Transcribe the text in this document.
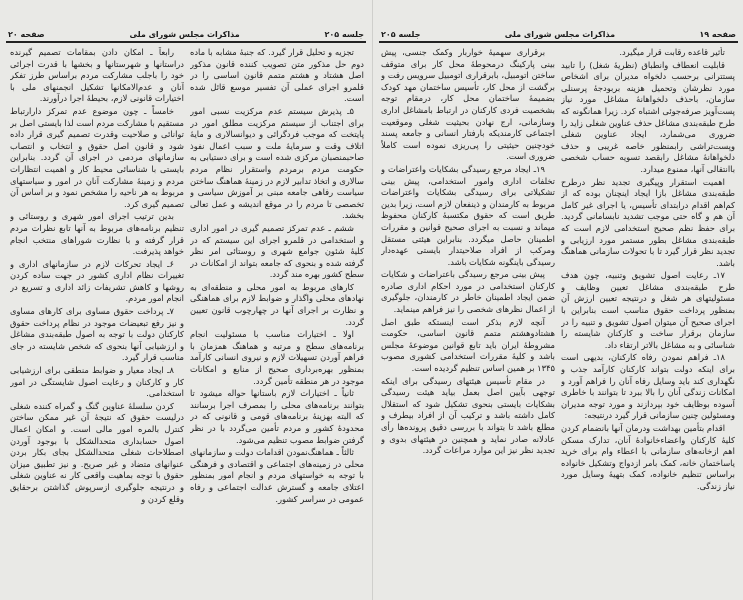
صفحه ۲۰	مذاکرات مجلس شورای ملی	جلسه ۲۰۵

تجزیه و تحلیل قرار گیرد. که جنبۀ مشابه با ماده دوم حل مذکور متن تصویب کننده قانون مذکور اصل هشتاد و هشتم متمم قانون اساسی را در قلمرو اجرای عملی آن تفسیر موسع قائل شده است.

۵ـ پذیرش سیستم عدم مرکزیت نسبی امور برای اجتناب از سیستم مرکزیت مطلق امور در پایتخت که موجب فردگرائی و دیوانسالاری و مایۀ اتلاف وقت و سرمایۀ ملت و سبب اعمال نفوذ صاحبمنصبان مرکزی شده است و برای دستیابی به حکومت مردم برمردم واستقرار نظام مردم سالاری و اتخاذ تدابیر لازم در زمینۀ هماهنگ ساختن سیاست رفاهی جامعه مبنی بر آموزش سیاسی و تخصصی تا مردم را در موقع اندیشه و عمل تعالی بخشد.

ششم ـ عدم تمرکز تصمیم گیری در امور اداری و استخدامی در قلمرو اجرای این سیستم که در کلیۀ شئون جوامع شهری و روستائی امر نظر گرفته شده و بنحوی که جامعه بتواند از امکانات در سطح کشور بهره مند گردد.

کارهای مربوط به امور محلی و منطقه‌ای به نهادهای محلی واگذار و ضوابط لازم برای هماهنگی و نظارت بر اجرای آنها در چهارچوب قانون تعیین گردد.

اولا ـ اختیارات مناسب با مسئولیت انجام برنامه‌های سطح و مرتبه و هماهنگ همزمان با فراهم آوردن تسهیلات لازم و نیروی انسانی کارآمد بمنظور بهره‌برداری صحیح از منابع و امکانات موجود در هر منطقه تأمین گردد.

ثانیاً ـ اختیارات لازم باستانها حواله میشود تا بتوانند برنامه‌های محلی را بمصرف اجرا برسانند که البته بهزینۀ برنامه‌های قومی و قانونی که در محدودۀ کشور و مردم تأمین می‌گردد با در نظر گرفتن ضوابط مصوب تنظیم می‌شود.

ثالثاً ـ هماهنگ‌نمودن اقدامات دولت و سازمانهای محلی در زمینه‌های اجتماعی و اقتصادی و فرهنگی با توجه به خواستهای مردم و انجام امور بمنظور اعتلای جامعه و گسترش عدالت اجتماعی و رفاه عمومی در سراسر کشور.

رابعاً ـ امکان دادن بمقامات تصمیم گیرنده دراستانها و شهرستانها و بخشها با قدرت اجرائی خود را باجلب مشارکت مردم براساس طرز تفکر آنان و عدم‌الامکانها تشکیل انجمنهای ملی با اختیارات قانونی لازم، بحیطۀ اجرا درآورند.

خامساً ـ چون موضوع عدم تمرکز دارارتباط مستقیم با مشارکت مردم است لذا بایستی اصل بر توانائی و صلاحیت وقدرت تصمیم گیری قرار داده شود و قانون اصل حقوق و انتخاب و انتصاب سازمانهای مردمی در اجرای آن گردد. بنابراین بایستی با شناسائی محیط کار و اهمیت انتظارات مردم و زمینۀ مشارکت آنان در امور و سیاستهای مربوط به هر ناحیه را مشخص نمود و بر اساس آن تصمیم گیری کرد.

بدین ترتیب اجرای امور شهری و روستائی و تنظیم برنامه‌های مربوط به آنها تابع نظرات مردم قرار گرفته و با نظارت شوراهای منتخب انجام خواهد پذیرفت.

۶ـ ایجاد تحرکات لازم در سازمانهای اداری و تغییرات نظام اداری کشور در جهت ساده کردن روشها و کاهش تشریفات زائد اداری و تسریع در انجام امور مردم.

۷ـ پرداخت حقوق مساوی برای کارهای مساوی و نیز رفع تبعیضات موجود در نظام پرداخت حقوق کارکنان دولت با توجه به اصول طبقه‌بندی مشاغل و ارزشیابی آنها بنحوی که شخص شایسته در جای مناسب قرار گیرد.

۸ـ ایجاد معیار و ضوابط منطقی برای ارزشیابی کار و کارکنان و رعایت اصول شایستگی در امور استخدامی.

کردن سلسلۀ عناوین گنگ و گمراه کننده شغلی درلیست حقوق که نتیجۀ آن غیر ممکن ساختن کنترل بالمره امور مالی است. و امکان اعمال اصول حسابداری متحدالشکل با بوجود آوردن اصطلاحات شغلی متحدالشکل بجای بکار بردن عنوانهای متضاد و غیر صریح. و نیز تطبیق میزان حقوق با توجه بماهیت واقعی کار نه عناوین شغلی و درنتیجه جلوگیری ازسرپوش گذاشتن برحقایق وقلع کردن و

جلسه ۲۰۵	مذاکرات مجلس شورای ملی	صفحه ۱۹

تأثیر قاعده رقابت قرار میگیرد.

قابلیت انعطاف وانطباق (نظریۀ شغل) را تابید پستترانی برحسب دلخواه مدیران برای اشخاص مورد نظرشان وتحمیل هزینه بربودجۀ پرسنلی سازمان، باحذف دلخواهانۀ مشاغل مورد نیاز پست‌آویز صرفه‌جوئی اشتباه کرد. زیرا همانگونه که طرح طبقه‌بندی مشاغل حذف عناوین شغلی زاید را ضروری می‌شمارد، ایجاد عناوین شغلی وپست‌تراشی رابمنظور خاصه غریبی و حذف دلخواهانۀ مشاغل رابقصد تسویه حساب شخصی باانتقالی آنها، ممنوع میدارد.

اهمیت استقرار وپیگیری تجدید نظر درطرح طبقه‌بندی مشاغل بازا ایجاد اینچنان بوده که از کم‌اهم اقدام درابتدای تأسیس، یا اجرای غیر کامل آن هم و گاه حتی موجب تشدید نابسامانی گردید. برای حفظ نظم صحیح استخدامی لازم است که طبقه‌بندی مشاغل بطور مستمر مورد ارزیابی و تجدید نظر قرار گیرد تا با تحولات سازمانی هماهنگ باشد.

۱۷ـ رعایت اصول تشویق وتنبیه، چون هدف طرح طبقه‌بندی مشاغل تعیین وظایف و مسئولیتهای هر شغل و درنتیجه تعیین ارزش آن بمنظور پرداخت حقوق مناسب است بنابراین با اجرای صحیح آن میتوان اصول تشویق و تنبیه را در سازمان برقرار ساخت و کارکنان شایسته را شناسائی و به مشاغل بالاتر ارتقاء داد.

۱۸ـ فراهم نمودن رفاه کارکنان، بدیهی است برای اینکه دولت بتواند کارکنان کارآمد جذب و نگهداری کند باید وسایل رفاه آنان را فراهم آورد و امکانات زندگی آنان را بالا ببرد تا بتوانند با خاطری آسوده بوظایف خود بپردازند و مورد توجه مدیران ومسئولین چنین سازمانی قرار گیرد درنتیجه:

اقدام بتأمین بهداشت ودرمان آنها بانضمام کردن کلیۀ کارکنان واعضاءخانوادۀ آنان، تدارک مسکن اهم ازخانه‌های سازمانی با اعطاء وام برای خرید یاساختمان خانه، کمک بامر ازدواج وتشکیل خانواده براساس تنظیم خانواده، کمک بتهیۀ وسایل مورد نیاز زندگی.

برقراری سهمیۀ خواربار وکمک جنسی، پیش بینی پارکینگ درمحوطۀ محل کار برای متوقف ساختن اتومبیل، بابرقراری اتومبیل سرویس رفت و برگشت از محل کار، تأسیس ساختمان مهد کودک بضمیمۀ ساختمان محل کار، درمقام توجه بشخصیت فردی کارکنان در ارتباط بامشاغل اداری وسازمانی، ارج نهادن بحیثیت شغلی وموقعیت اجتماعی کارمندیکه بارفتار انسانی و جامعه پسند خودچنین حیثیتی را پی‌ریزی نموده است کاملاً ضروری است.

۱۹ـ ایجاد مرجع رسیدگی بشکایات واعتراضات و تخلفات اداری وامور استخدامی، پیش بینی تشکیلاتی برای رسیدگی بشکایات واعتراضات مربوط به کارمندان و ذینفعان لازم است، زیرا بدین طریق است که حقوق مکتسبۀ کارکنان محفوظ میماند و نسبت به اجرای صحیح قوانین و مقررات اطمینان حاصل میگردد. بنابراین هیئتی مستقل ومرکب از افراد صلاحیتدار بایستی عهده‌دار رسیدگی باینگونه شکایات باشد.

پیش بینی مرجع رسیدگی باعتراضات و شکایات کارکنان استخدامی در مورد احکام اداری صادره ضمن ایجاد اطمینان خاطر در کارمندان، جلوگیری از اعمال نظرهای شخصی را نیز فراهم مینماید.

آنچه لازم بذکر است اینستکه طبق اصل هشتادوهشتم متمم قانون اساسی، حکومت مشروطۀ ایران باید تابع قوانین موضوعۀ مجلس باشد و کلیۀ مقررات استخدامی کشوری مصوب ۱۳۴۵ بر همین اساس تنظیم گردیده است.

در مقام تأسیس هیئتهای رسیدگی برای اینکه توجهی بآیین اصل بعمل بیاید هیئت رسیدگی بشکایات بایستی بنحوی تشکیل شود که استقلال کامل داشته باشد و ترکیب آن از افراد بیطرف و مطلع باشد تا بتواند با بررسی دقیق پرونده‌ها رأی عادلانه صادر نماید و همچنین در هیئتهای بدوی و تجدید نظر نیز این موارد مراعات گردد.
